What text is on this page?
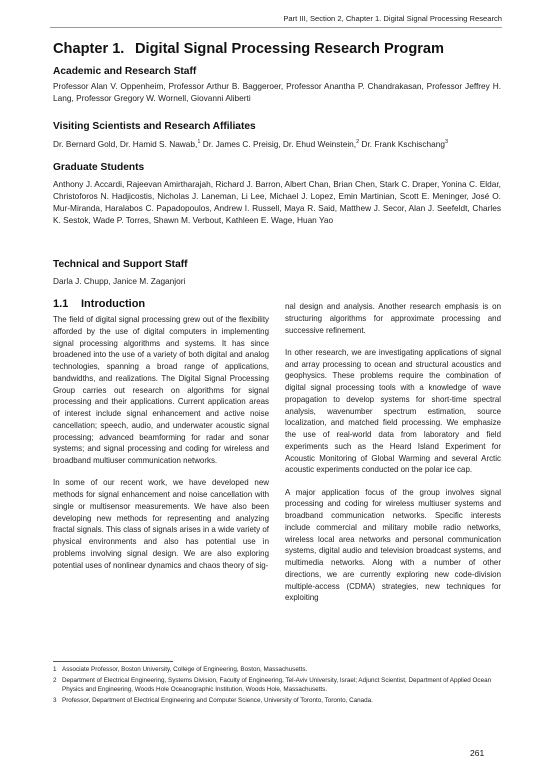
Part III, Section 2, Chapter 1. Digital Signal Processing Research
Chapter 1. Digital Signal Processing Research Program
Academic and Research Staff
Professor Alan V. Oppenheim, Professor Arthur B. Baggeroer, Professor Anantha P. Chandrakasan, Professor Jeffrey H. Lang, Professor Gregory W. Wornell, Giovanni Aliberti
Visiting Scientists and Research Affiliates
Dr. Bernard Gold, Dr. Hamid S. Nawab,$^1$ Dr. James C. Preisig, Dr. Ehud Weinstein,$^2$ Dr. Frank Kschischang$^3$
Graduate Students
Anthony J. Accardi, Rajeevan Amirtharajah, Richard J. Barron, Albert Chan, Brian Chen, Stark C. Draper, Yonina C. Eldar, Christoforos N. Hadjicostis, Nicholas J. Laneman, Li Lee, Michael J. Lopez, Emin Martinian, Scott E. Meninger, José O. Mur-Miranda, Haralabos C. Papadopoulos, Andrew I. Russell, Maya R. Said, Matthew J. Secor, Alan J. Seefeldt, Charles K. Sestok, Wade P. Torres, Shawn M. Verbout, Kathleen E. Wage, Huan Yao
Technical and Support Staff
Darla J. Chupp, Janice M. Zaganjori
1.1 Introduction

The field of digital signal processing grew out of the flexibility afforded by the use of digital computers in implementing signal processing algorithms and systems. It has since broadened into the use of a variety of both digital and analog technologies, spanning a broad range of applications, bandwidths, and realizations. The Digital Signal Processing Group carries out research on algorithms for signal processing and their applications. Current application areas of interest include signal enhancement and active noise cancellation; speech, audio, and underwater acoustic signal processing; advanced beamforming for radar and sonar systems; and signal processing and coding for wireless and broadband multiuser communication networks.

In some of our recent work, we have developed new methods for signal enhancement and noise cancellation with single or multisensor measurements. We have also been developing new methods for representing and analyzing fractal signals. This class of signals arises in a wide variety of physical environments and also has potential use in problems involving signal design. We are also exploring potential uses of nonlinear dynamics and chaos theory of sig-

nal design and analysis. Another research emphasis is on structuring algorithms for approximate processing and successive refinement.

In other research, we are investigating applications of signal and array processing to ocean and structural acoustics and geophysics. These problems require the combination of digital signal processing tools with a knowledge of wave propagation to develop systems for short-time spectral analysis, wavenumber spectrum estimation, source localization, and matched field processing. We emphasize the use of real-world data from laboratory and field experiments such as the Heard Island Experiment for Acoustic Monitoring of Global Warming and several Arctic acoustic experiments conducted on the polar ice cap.

A major application focus of the group involves signal processing and coding for wireless multiuser systems and broadband communication networks. Specific interests include commercial and military mobile radio networks, wireless local area networks and personal communication systems, digital audio and television broadcast systems, and multimedia networks. Along with a number of other directions, we are currently exploring new code-division multiple-access (CDMA) strategies, new techniques for exploiting

1 Associate Professor, Boston University, College of Engineering, Boston, Massachusetts.
2 Department of Electrical Engineering, Systems Division, Faculty of Engineering, Tel-Aviv University, Israel; Adjunct Scientist, Department of Applied Ocean Physics and Engineering, Woods Hole Oceanographic Institution, Woods Hole, Massachusetts.
3 Professor, Department of Electrical Engineering and Computer Science, University of Toronto, Toronto, Canada.
261
